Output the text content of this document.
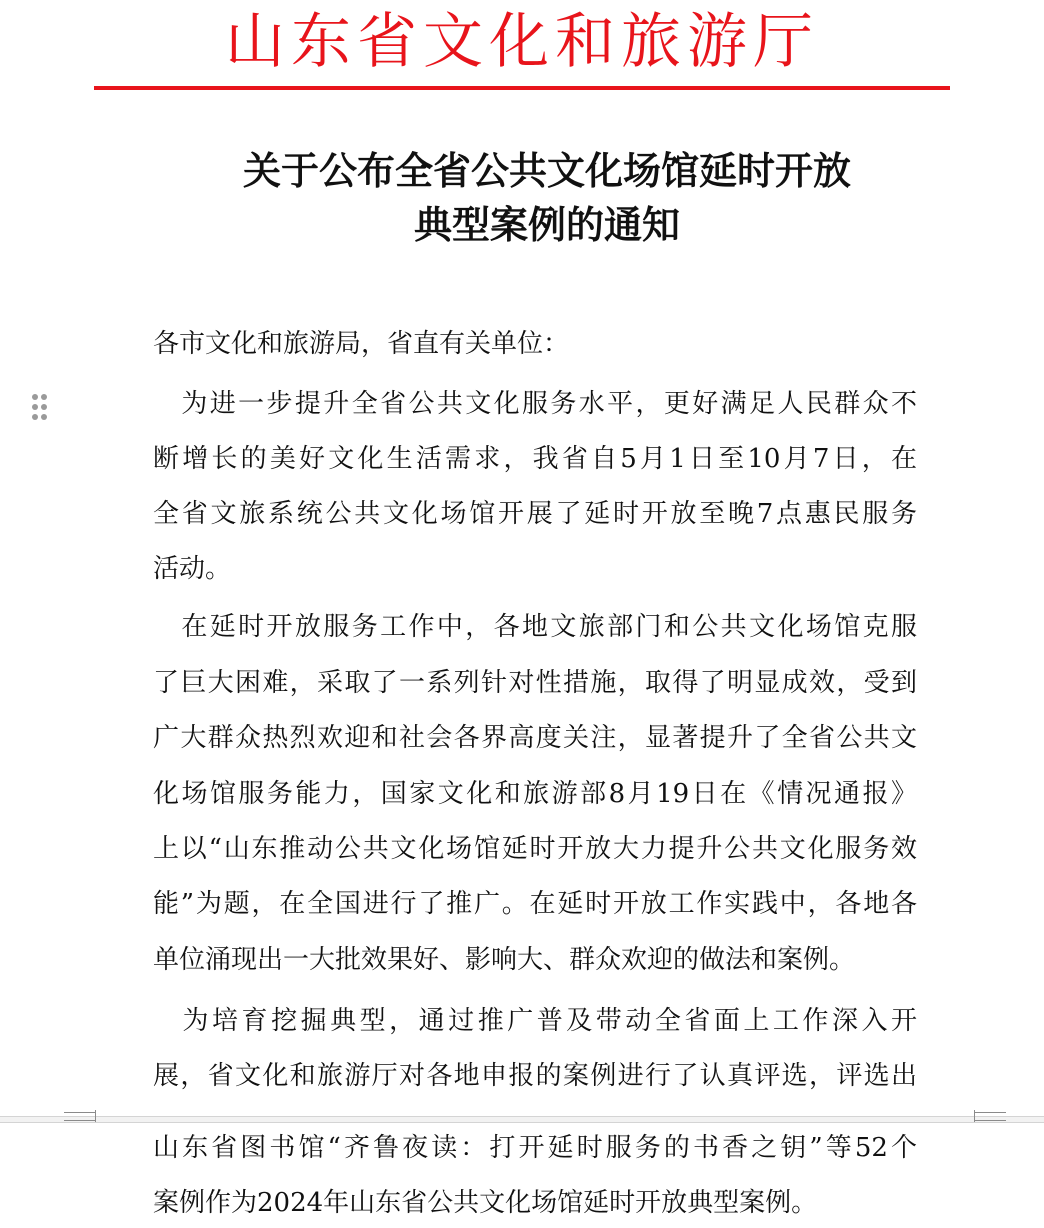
山东省文化和旅游厅
关于公布全省公共文化场馆延时开放
典型案例的通知
各市文化和旅游局，省直有关单位：
　为进一步提升全省公共文化服务水平，更好满足人民群众不
断增长的美好文化生活需求，我省自5月1日至10月7日，在
全省文旅系统公共文化场馆开展了延时开放至晚7点惠民服务
活动。
　在延时开放服务工作中，各地文旅部门和公共文化场馆克服
了巨大困难，采取了一系列针对性措施，取得了明显成效，受到
广大群众热烈欢迎和社会各界高度关注，显著提升了全省公共文
化场馆服务能力，国家文化和旅游部8月19日在《情况通报》
上以“山东推动公共文化场馆延时开放大力提升公共文化服务效
能”为题，在全国进行了推广。在延时开放工作实践中，各地各
单位涌现出一大批效果好、影响大、群众欢迎的做法和案例。
　为培育挖掘典型，通过推广普及带动全省面上工作深入开
展，省文化和旅游厅对各地申报的案例进行了认真评选，评选出
山东省图书馆“齐鲁夜读：打开延时服务的书香之钥”等52个
案例作为2024年山东省公共文化场馆延时开放典型案例。
